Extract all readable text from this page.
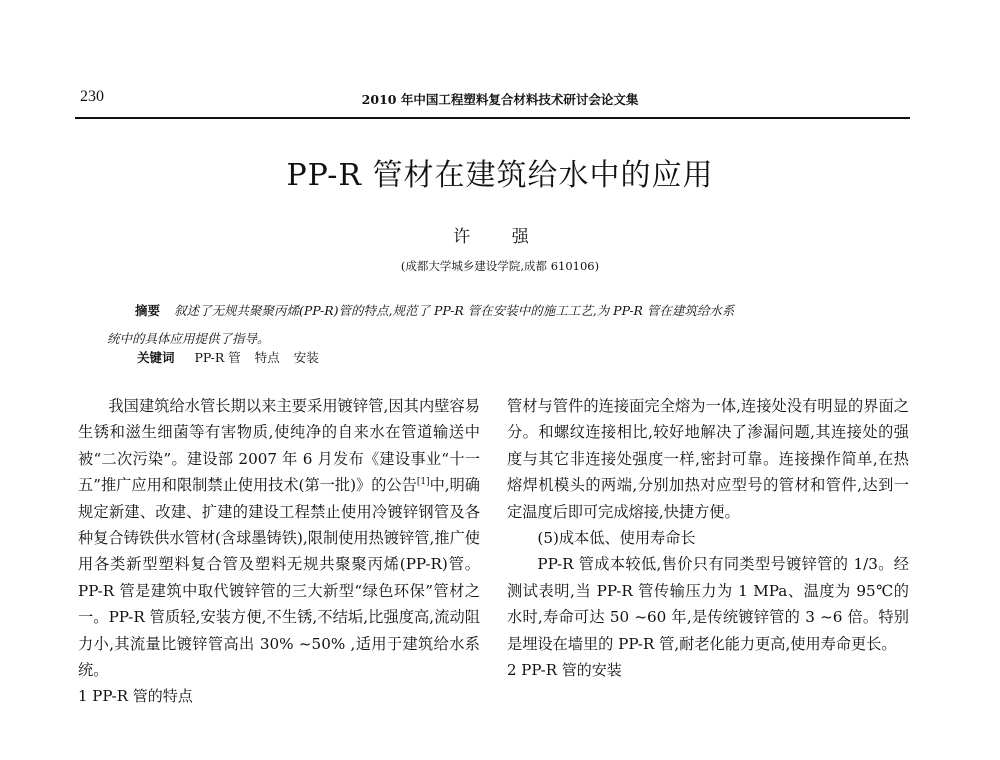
230	2010 年中国工程塑料复合材料技术研讨会论文集
PP-R 管材在建筑给水中的应用
许 强
(成都大学城乡建设学院,成都 610106)
摘要 叙述了无规共聚聚丙烯(PP-R)管的特点,规范了 PP-R 管在安装中的施工工艺,为 PP-R 管在建筑给水系
统中的具体应用提供了指导。
关键词 PP-R 管 特点 安装

我国建筑给水管长期以来主要采用镀锌管,因其内壁容易生锈和滋生细菌等有害物质,使纯净的自来水在管道输送中被“二次污染”。建设部 2007 年 6 月发布《建设事业“十一五”推广应用和限制禁止使用技术(第一批)》的公告[1]中,明确规定新建、改建、扩建的建设工程禁止使用冷镀锌钢管及各种复合铸铁供水管材(含球墨铸铁),限制使用热镀锌管,推广使用各类新型塑料复合管及塑料无规共聚聚丙烯(PP-R)管。PP-R 管是建筑中取代镀锌管的三大新型“绿色环保”管材之一。PP-R 管质轻,安装方便,不生锈,不结垢,比强度高,流动阻力小,其流量比镀锌管高出 30% ~50% ,适用于建筑给水系统。

1 PP-R 管的特点

管材与管件的连接面完全熔为一体,连接处没有明显的界面之分。和螺纹连接相比,较好地解决了渗漏问题,其连接处的强度与其它非连接处强度一样,密封可靠。连接操作简单,在热熔焊机模头的两端,分别加热对应型号的管材和管件,达到一定温度后即可完成熔接,快捷方便。

(5)成本低、使用寿命长

PP-R 管成本较低,售价只有同类型号镀锌管的 1/3。经测试表明,当 PP-R 管传输压力为 1 MPa、温度为 95℃的水时,寿命可达 50 ~60 年,是传统镀锌管的 3 ~6 倍。特别是埋设在墙里的 PP-R 管,耐老化能力更高,使用寿命更长。

2 PP-R 管的安装
